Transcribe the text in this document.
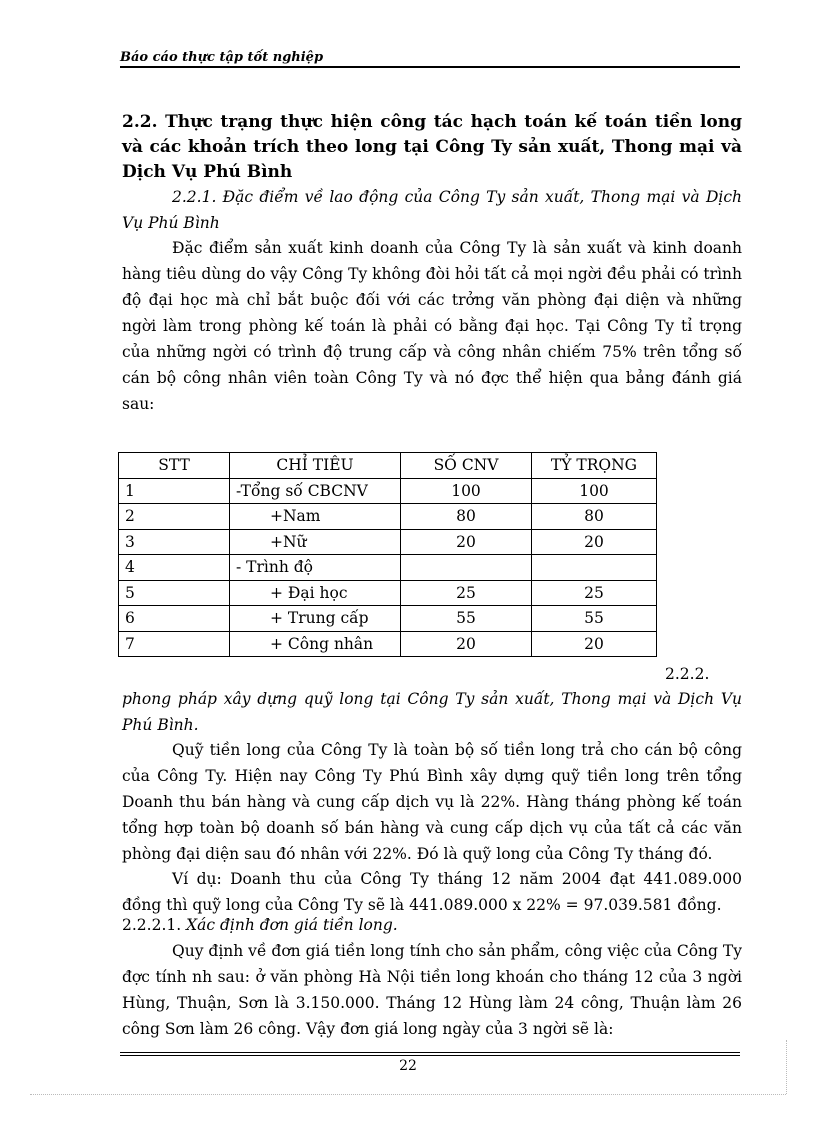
Báo cáo thực tập tốt nghiệp
2.2. Thực trạng thực hiện công tác hạch toán kế toán tiền long và các khoản trích theo long tại Công Ty sản xuất, Thong mại và Dịch Vụ Phú Bình
2.2.1. Đặc điểm về lao động của Công Ty sản xuất, Thong mại và Dịch Vụ Phú Bình
Đặc điểm sản xuất kinh doanh của Công Ty là sản xuất và kinh doanh hàng tiêu dùng do vậy Công Ty không đòi hỏi tất cả mọi ngời đều phải có trình độ đại học mà chỉ bắt buộc đối với các trởng văn phòng đại diện và những ngời làm trong phòng kế toán là phải có bằng đại học. Tại Công Ty tỉ trọng của những ngời có trình độ trung cấp và công nhân chiếm 75% trên tổng số cán bộ công nhân viên toàn Công Ty và nó đợc thể hiện qua bảng đánh giá sau:
STT	CHỈ TIÊU	SỐ CNV	TỶ TRỌNG
1	-Tổng số CBCNV	100	100
2	+Nam	80	80
3	+Nữ	20	20
4	- Trình độ		
5	+ Đại học	25	25
6	+ Trung cấp	55	55
7	+ Công nhân	20	20
2.2.2.
phong pháp xây dựng quỹ long tại Công Ty sản xuất, Thong mại và Dịch Vụ Phú Bình.
Quỹ tiền long của Công Ty là toàn bộ số tiền long trả cho cán bộ công của Công Ty. Hiện nay Công Ty Phú Bình xây dựng quỹ tiền long trên tổng Doanh thu bán hàng và cung cấp dịch vụ là 22%. Hàng tháng phòng kế toán tổng hợp toàn bộ doanh số bán hàng và cung cấp dịch vụ của tất cả các văn phòng đại diện sau đó nhân với 22%. Đó là quỹ long của Công Ty tháng đó.
Ví dụ: Doanh thu của Công Ty tháng 12 năm 2004 đạt 441.089.000 đồng thì quỹ long của Công Ty sẽ là 441.089.000 x 22% = 97.039.581 đồng.
2.2.2.1. Xác định đơn giá tiền long.
Quy định về đơn giá tiền long tính cho sản phẩm, công việc của Công Ty đợc tính nh sau: ở văn phòng Hà Nội tiền long khoán cho tháng 12 của 3 ngời Hùng, Thuận, Sơn là 3.150.000. Tháng 12 Hùng làm 24 công, Thuận làm 26 công Sơn làm 26 công. Vậy đơn giá long ngày của 3 ngời sẽ là:
22
